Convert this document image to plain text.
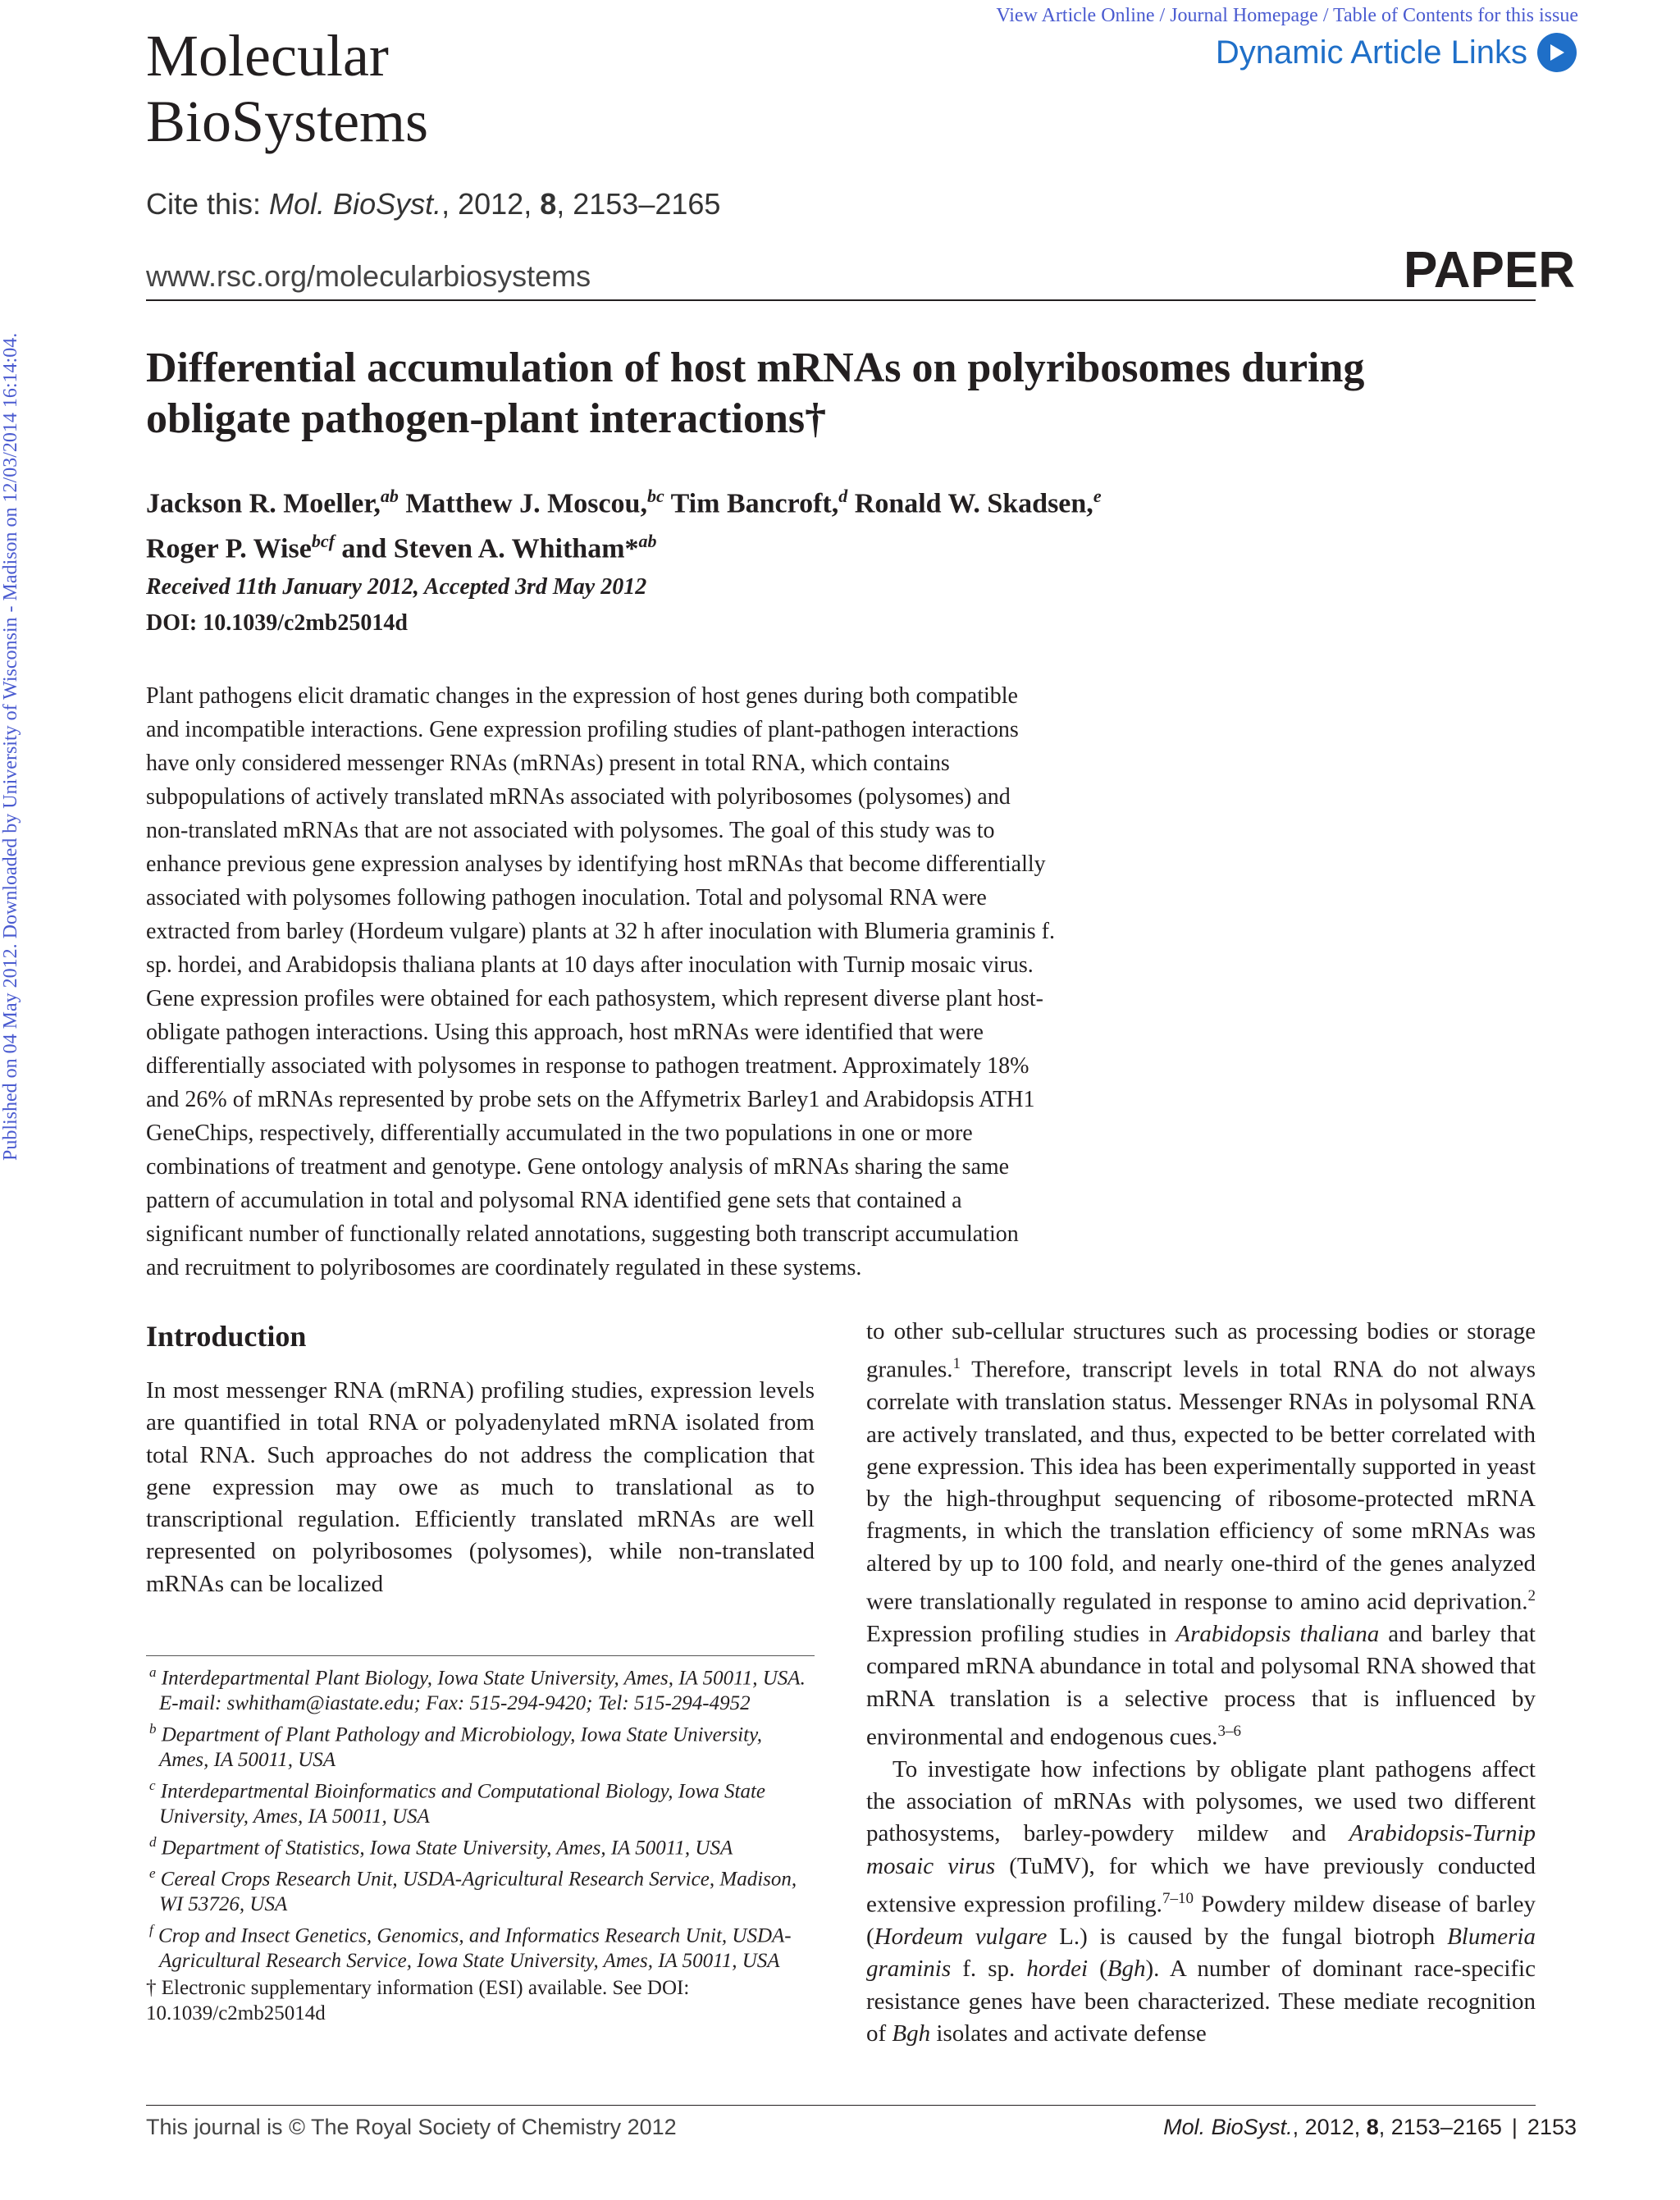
Published on 04 May 2012. Downloaded by University of Wisconsin - Madison on 12/03/2014 16:14:04.
Molecular
BioSystems
View Article Online / Journal Homepage / Table of Contents for this issue
Dynamic Article Links
Cite this: Mol. BioSyst., 2012, 8, 2153–2165
www.rsc.org/molecularbiosystems	PAPER
Differential accumulation of host mRNAs on polyribosomes during
obligate pathogen-plant interactions†
Jackson R. Moeller,$^{ab}$ Matthew J. Moscou,$^{bc}$ Tim Bancroft,$^d$ Ronald W. Skadsen,$^e$
Roger P. Wise$^{bcf}$ and Steven A. Whitham*$^{ab}$
Received 11th January 2012, Accepted 3rd May 2012
DOI: 10.1039/c2mb25014d
Plant pathogens elicit dramatic changes in the expression of host genes during both compatible
and incompatible interactions. Gene expression profiling studies of plant-pathogen interactions
have only considered messenger RNAs (mRNAs) present in total RNA, which contains
subpopulations of actively translated mRNAs associated with polyribosomes (polysomes) and
non-translated mRNAs that are not associated with polysomes. The goal of this study was to
enhance previous gene expression analyses by identifying host mRNAs that become differentially
associated with polysomes following pathogen inoculation. Total and polysomal RNA were
extracted from barley (Hordeum vulgare) plants at 32 h after inoculation with Blumeria graminis f.
sp. hordei, and Arabidopsis thaliana plants at 10 days after inoculation with Turnip mosaic virus.
Gene expression profiles were obtained for each pathosystem, which represent diverse plant host-
obligate pathogen interactions. Using this approach, host mRNAs were identified that were
differentially associated with polysomes in response to pathogen treatment. Approximately 18%
and 26% of mRNAs represented by probe sets on the Affymetrix Barley1 and Arabidopsis ATH1
GeneChips, respectively, differentially accumulated in the two populations in one or more
combinations of treatment and genotype. Gene ontology analysis of mRNAs sharing the same
pattern of accumulation in total and polysomal RNA identified gene sets that contained a
significant number of functionally related annotations, suggesting both transcript accumulation
and recruitment to polyribosomes are coordinately regulated in these systems.
Introduction
In most messenger RNA (mRNA) profiling studies, expression levels are quantified in total RNA or polyadenylated mRNA isolated from total RNA. Such approaches do not address the complication that gene expression may owe as much to translational as to transcriptional regulation. Efficiently translated mRNAs are well represented on polyribosomes (polysomes), while non-translated mRNAs can be localized

to other sub-cellular structures such as processing bodies or storage granules.$^1$ Therefore, transcript levels in total RNA do not always correlate with translation status. Messenger RNAs in polysomal RNA are actively translated, and thus, expected to be better correlated with gene expression. This idea has been experimentally supported in yeast by the high-throughput sequencing of ribosome-protected mRNA fragments, in which the translation efficiency of some mRNAs was altered by up to 100 fold, and nearly one-third of the genes analyzed were translationally regulated in response to amino acid deprivation.$^2$ Expression profiling studies in Arabidopsis thaliana and barley that compared mRNA abundance in total and polysomal RNA showed that mRNA translation is a selective process that is influenced by environmental and endogenous cues.$^{3-6}$

To investigate how infections by obligate plant pathogens affect the association of mRNAs with polysomes, we used two different pathosystems, barley-powdery mildew and Arabidopsis-Turnip mosaic virus (TuMV), for which we have previously conducted extensive expression profiling.$^{7-10}$ Powdery mildew disease of barley (Hordeum vulgare L.) is caused by the fungal biotroph Blumeria graminis f. sp. hordei (Bgh). A number of dominant race-specific resistance genes have been characterized. These mediate recognition of Bgh isolates and activate defense

$^a$ Interdepartmental Plant Biology, Iowa State University, Ames, IA 50011, USA. E-mail: swhitham@iastate.edu; Fax: 515-294-9420; Tel: 515-294-4952
$^b$ Department of Plant Pathology and Microbiology, Iowa State University, Ames, IA 50011, USA
$^c$ Interdepartmental Bioinformatics and Computational Biology, Iowa State University, Ames, IA 50011, USA
$^d$ Department of Statistics, Iowa State University, Ames, IA 50011, USA
$^e$ Cereal Crops Research Unit, USDA-Agricultural Research Service, Madison, WI 53726, USA
$^f$ Crop and Insect Genetics, Genomics, and Informatics Research Unit, USDA-Agricultural Research Service, Iowa State University, Ames, IA 50011, USA
† Electronic supplementary information (ESI) available. See DOI: 10.1039/c2mb25014d
This journal is © The Royal Society of Chemistry 2012	Mol. BioSyst., 2012, 8, 2153–2165 | 2153
